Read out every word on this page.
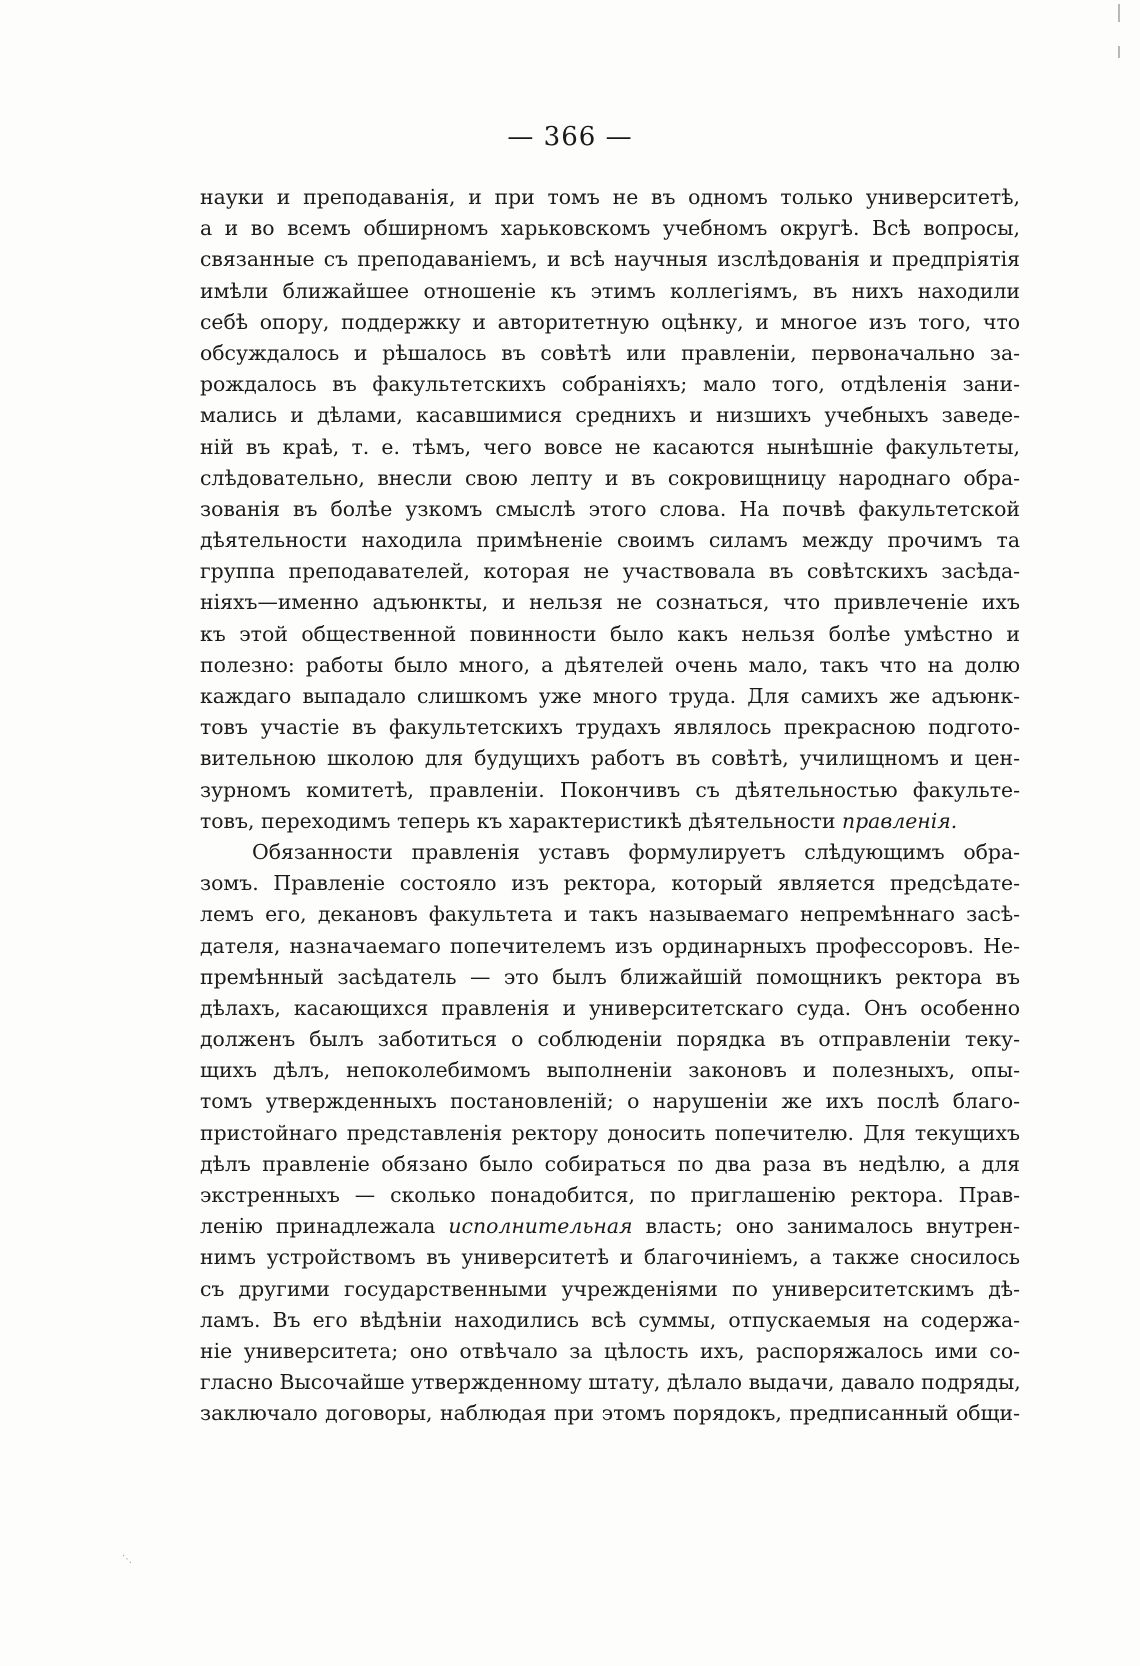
— 366 —
науки и преподаванія, и при томъ не въ одномъ только университетѣ,
а и во всемъ обширномъ харьковскомъ учебномъ округѣ. Всѣ вопросы,
связанные съ преподаваніемъ, и всѣ научныя изслѣдованія и предпріятія
имѣли ближайшее отношеніе къ этимъ коллегіямъ, въ нихъ находили
себѣ опору, поддержку и авторитетную оцѣнку, и многое изъ того, что
обсуждалось и рѣшалось въ совѣтѣ или правленіи, первоначально за-
рождалось въ факультетскихъ собраніяхъ; мало того, отдѣленія зани-
мались и дѣлами, касавшимися среднихъ и низшихъ учебныхъ заведе-
ній въ краѣ, т. е. тѣмъ, чего вовсе не касаются нынѣшніе факультеты,
слѣдовательно, внесли свою лепту и въ сокровищницу народнаго обра-
зованія въ болѣе узкомъ смыслѣ этого слова. На почвѣ факультетской
дѣятельности находила примѣненіе своимъ силамъ между прочимъ та
группа преподавателей, которая не участвовала въ совѣтскихъ засѣда-
ніяхъ—именно адъюнкты, и нельзя не сознаться, что привлеченіе ихъ
къ этой общественной повинности было какъ нельзя болѣе умѣстно и
полезно: работы было много, а дѣятелей очень мало, такъ что на долю
каждаго выпадало слишкомъ уже много труда. Для самихъ же адъюнк-
товъ участіе въ факультетскихъ трудахъ являлось прекрасною подгото-
вительною школою для будущихъ работъ въ совѣтѣ, училищномъ и цен-
зурномъ комитетѣ, правленіи. Покончивъ съ дѣятельностью факульте-
товъ, переходимъ теперь къ характеристикѣ дѣятельности правленія.
Обязанности правленія уставъ формулируетъ слѣдующимъ обра-
зомъ. Правленіе состояло изъ ректора, который является предсѣдате-
лемъ его, декановъ факультета и такъ называемаго непремѣннаго засѣ-
дателя, назначаемаго попечителемъ изъ ординарныхъ профессоровъ. Не-
премѣнный засѣдатель — это былъ ближайшій помощникъ ректора въ
дѣлахъ, касающихся правленія и университетскаго суда. Онъ особенно
долженъ былъ заботиться о соблюденіи порядка въ отправленіи теку-
щихъ дѣлъ, непоколебимомъ выполненіи законовъ и полезныхъ, опы-
томъ утвержденныхъ постановленій; о нарушеніи же ихъ послѣ благо-
пристойнаго представленія ректору доносить попечителю. Для текущихъ
дѣлъ правленіе обязано было собираться по два раза въ недѣлю, а для
экстренныхъ — сколько понадобится, по приглашенію ректора. Прав-
ленію принадлежала исполнительная власть; оно занималось внутрен-
нимъ устройствомъ въ университетѣ и благочиніемъ, а также сносилось
съ другими государственными учрежденіями по университетскимъ дѣ-
ламъ. Въ его вѣдѣніи находились всѣ суммы, отпускаемыя на содержа-
ніе университета; оно отвѣчало за цѣлость ихъ, распоряжалось ими со-
гласно Высочайше утвержденному штату, дѣлало выдачи, давало подряды,
заключало договоры, наблюдая при этомъ порядокъ, предписанный общи-
⋱
